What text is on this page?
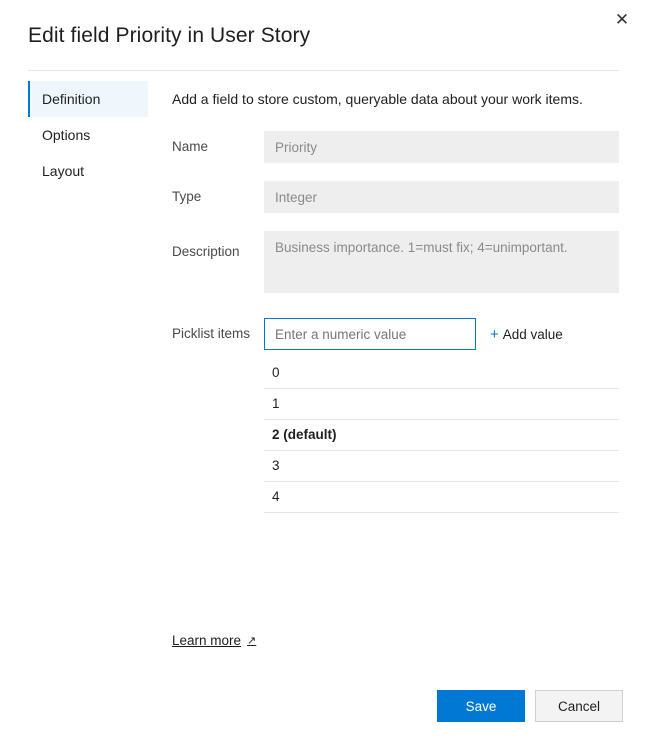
✕
Edit field Priority in User Story
Definition
Options
Layout
Add a field to store custom, queryable data about your work items.
Name
Priority
Type
Integer
Description
Business importance. 1=must fix; 4=unimportant.
Picklist items
Enter a numeric value	+ Add value
0
1
2 (default)
3
4
Learn more ↗
Save	Cancel
